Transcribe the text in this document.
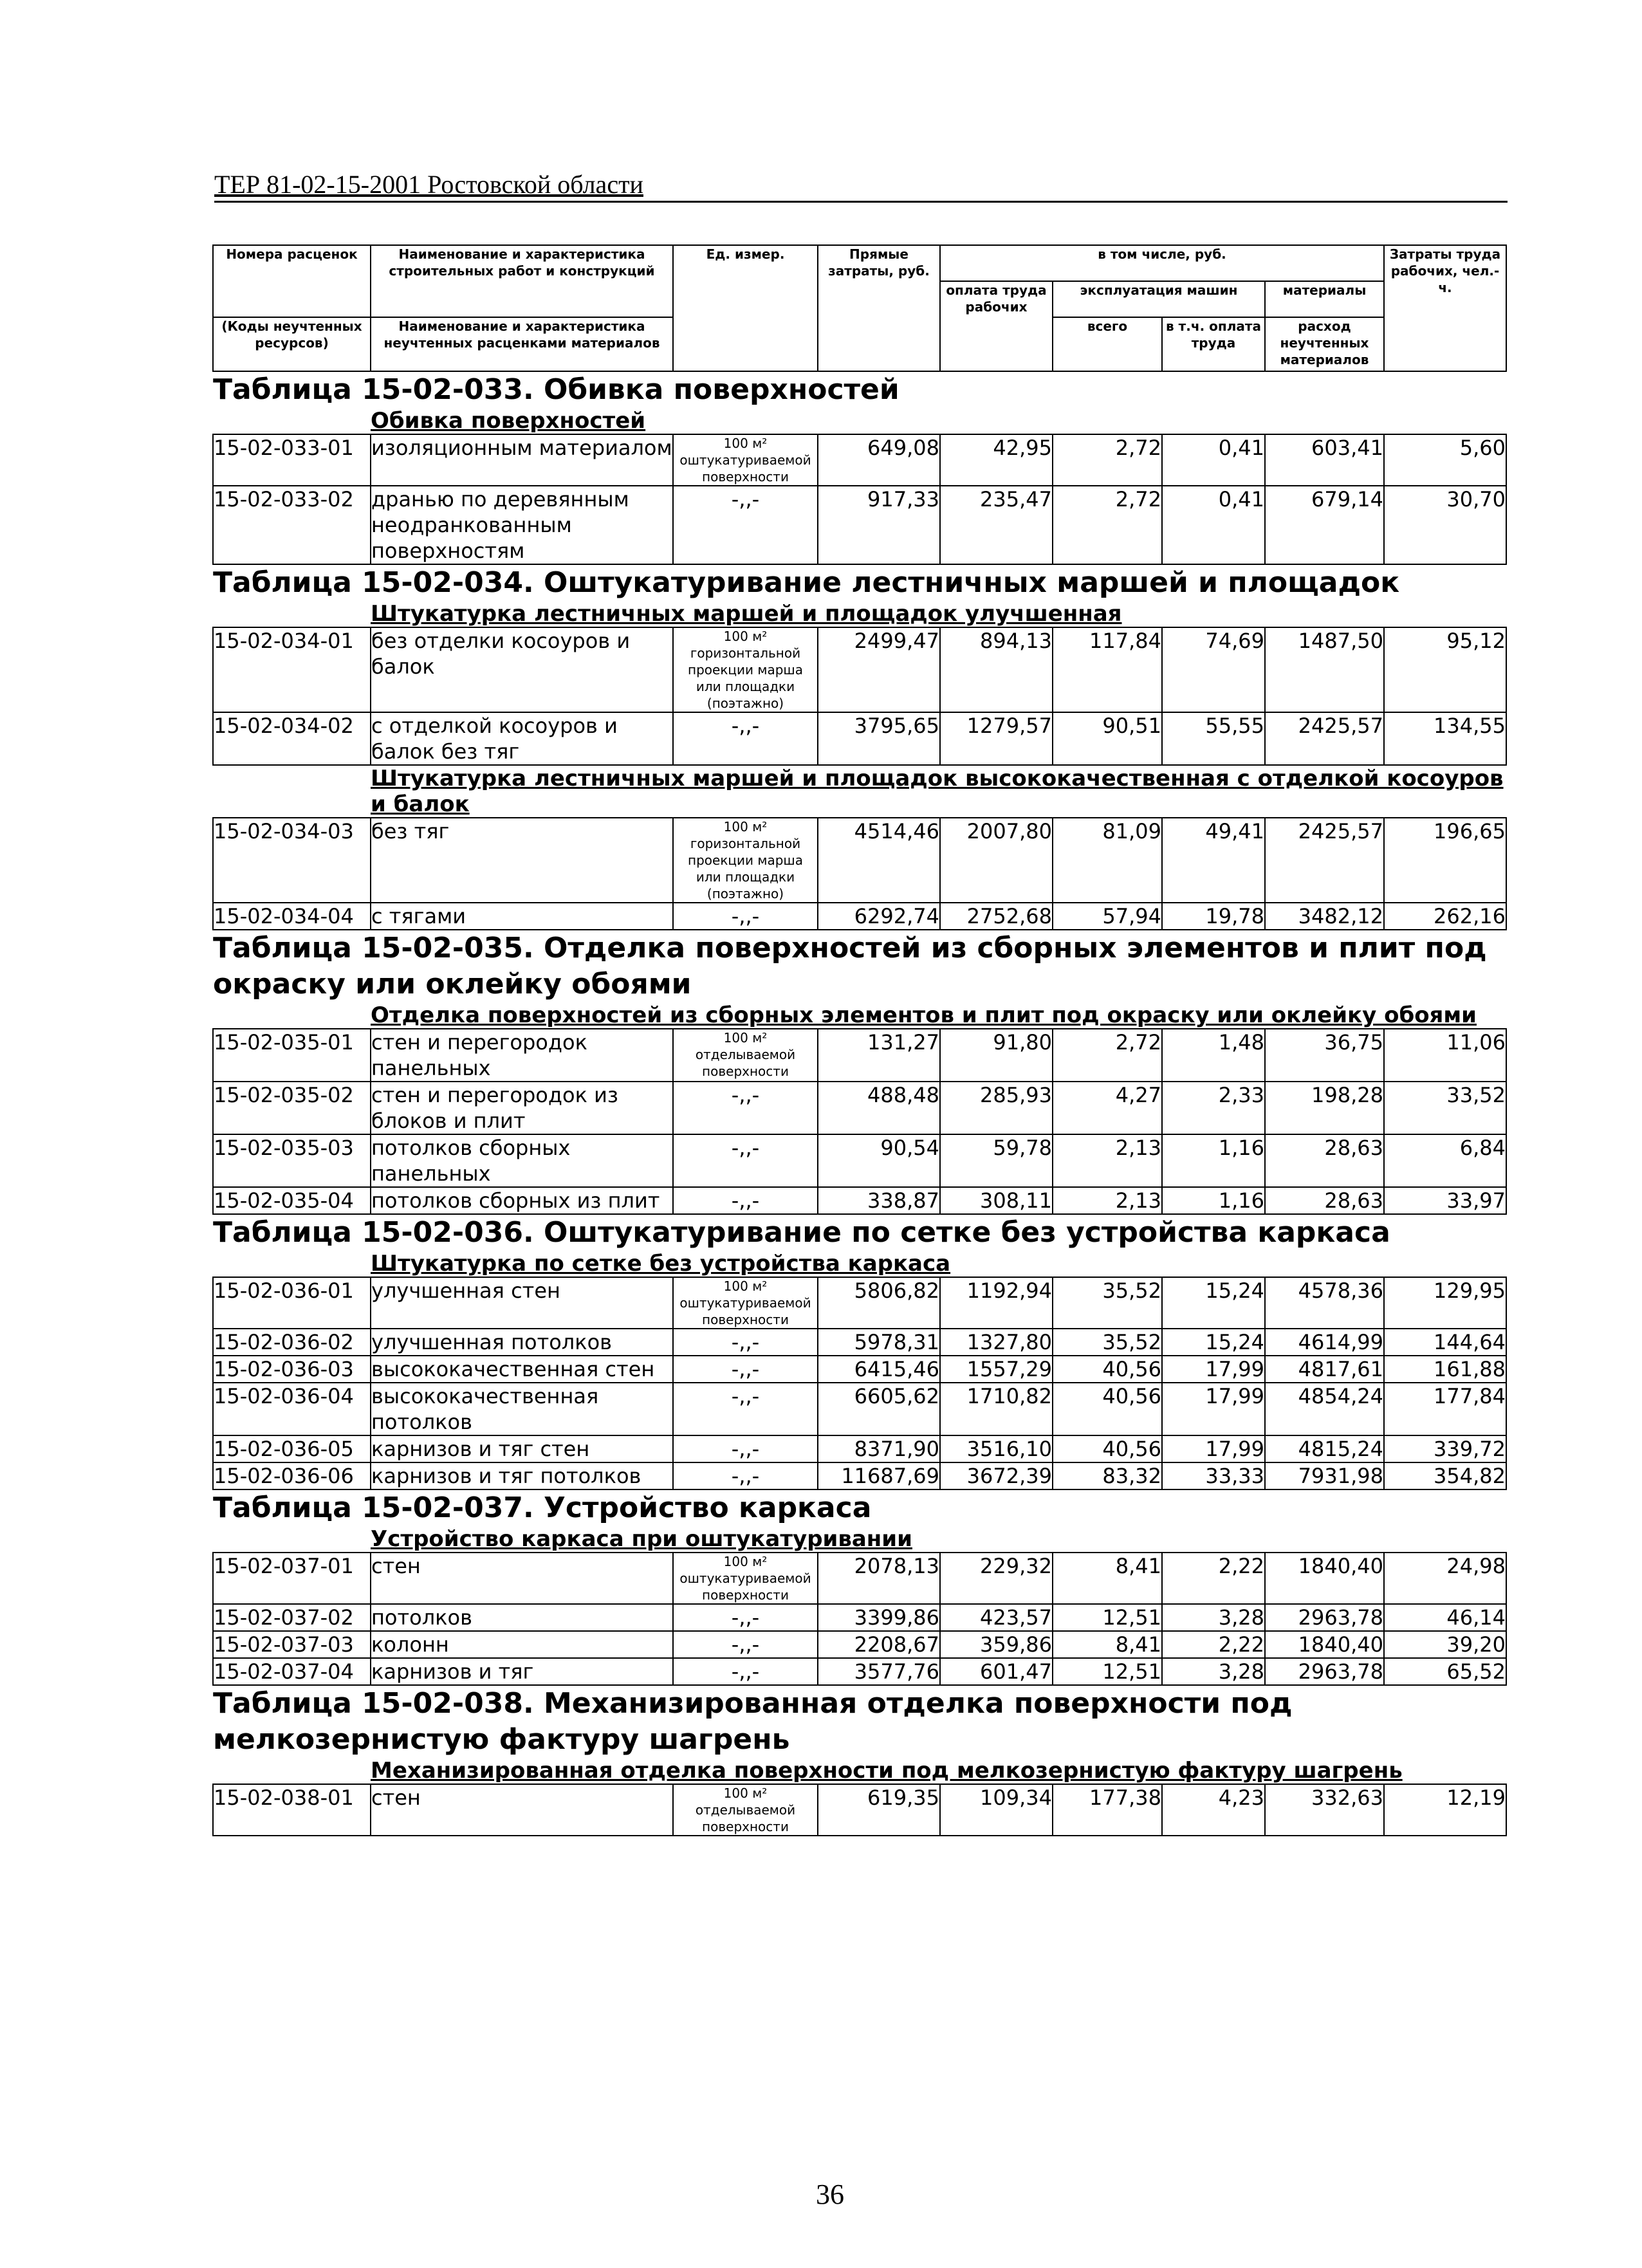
ТЕР 81-02-15-2001 Ростовской области
Номера расценок	Наименование и характеристика строительных работ и конструкций	Ед. измер.	Прямые затраты, руб.	в том числе, руб.				Затраты труда рабочих, чел.-ч.
				оплата труда рабочих	эксплуатация машин		материалы	

(Коды неучтенных ресурсов)	Наименование и характеристика неучтенных расценками материалов				всего	в т.ч. оплата труда	расход неучтенных материалов	

Таблица 15-02-033. Обивка поверхностей								
	Обивка поверхностей							
15-02-033-01	изоляционным материалом	100 м² оштукатуриваемой поверхности	649,08	42,95	2,72	0,41	603,41	5,60
15-02-033-02	дранью по деревянным неодранкованным поверхностям	-,,-	917,33	235,47	2,72	0,41	679,14	30,70
Таблица 15-02-034. Оштукатуривание лестничных маршей и площадок								
	Штукатурка лестничных маршей и площадок улучшенная							
15-02-034-01	без отделки косоуров и балок	100 м² горизонтальной проекции марша или площадки (поэтажно)	2499,47	894,13	117,84	74,69	1487,50	95,12
15-02-034-02	с отделкой косоуров и балок без тяг	-,,-	3795,65	1279,57	90,51	55,55	2425,57	134,55
	Штукатурка лестничных маршей и площадок высококачественная с отделкой косоуров и балок							
15-02-034-03	без тяг	100 м² горизонтальной проекции марша или площадки (поэтажно)	4514,46	2007,80	81,09	49,41	2425,57	196,65
15-02-034-04	с тягами	-,,-	6292,74	2752,68	57,94	19,78	3482,12	262,16
Таблица 15-02-035. Отделка поверхностей из сборных элементов и плит под окраску или оклейку обоями								
	Отделка поверхностей из сборных элементов и плит под окраску или оклейку обоями							
15-02-035-01	стен и перегородок панельных	100 м² отделываемой поверхности	131,27	91,80	2,72	1,48	36,75	11,06
15-02-035-02	стен и перегородок из блоков и плит	-,,-	488,48	285,93	4,27	2,33	198,28	33,52
15-02-035-03	потолков сборных панельных	-,,-	90,54	59,78	2,13	1,16	28,63	6,84
15-02-035-04	потолков сборных из плит	-,,-	338,87	308,11	2,13	1,16	28,63	33,97
Таблица 15-02-036. Оштукатуривание по сетке без устройства каркаса								
	Штукатурка по сетке без устройства каркаса							
15-02-036-01	улучшенная стен	100 м² оштукатуриваемой поверхности	5806,82	1192,94	35,52	15,24	4578,36	129,95
15-02-036-02	улучшенная потолков	-,,-	5978,31	1327,80	35,52	15,24	4614,99	144,64
15-02-036-03	высококачественная стен	-,,-	6415,46	1557,29	40,56	17,99	4817,61	161,88
15-02-036-04	высококачественная потолков	-,,-	6605,62	1710,82	40,56	17,99	4854,24	177,84
15-02-036-05	карнизов и тяг стен	-,,-	8371,90	3516,10	40,56	17,99	4815,24	339,72
15-02-036-06	карнизов и тяг потолков	-,,-	11687,69	3672,39	83,32	33,33	7931,98	354,82
Таблица 15-02-037. Устройство каркаса								
	Устройство каркаса при оштукатуривании							
15-02-037-01	стен	100 м² оштукатуриваемой поверхности	2078,13	229,32	8,41	2,22	1840,40	24,98
15-02-037-02	потолков	-,,-	3399,86	423,57	12,51	3,28	2963,78	46,14
15-02-037-03	колонн	-,,-	2208,67	359,86	8,41	2,22	1840,40	39,20
15-02-037-04	карнизов и тяг	-,,-	3577,76	601,47	12,51	3,28	2963,78	65,52
Таблица 15-02-038. Механизированная отделка поверхности под мелкозернистую фактуру шагрень								
	Механизированная отделка поверхности под мелкозернистую фактуру шагрень							
15-02-038-01	стен	100 м² отделываемой поверхности	619,35	109,34	177,38	4,23	332,63	12,19
36
